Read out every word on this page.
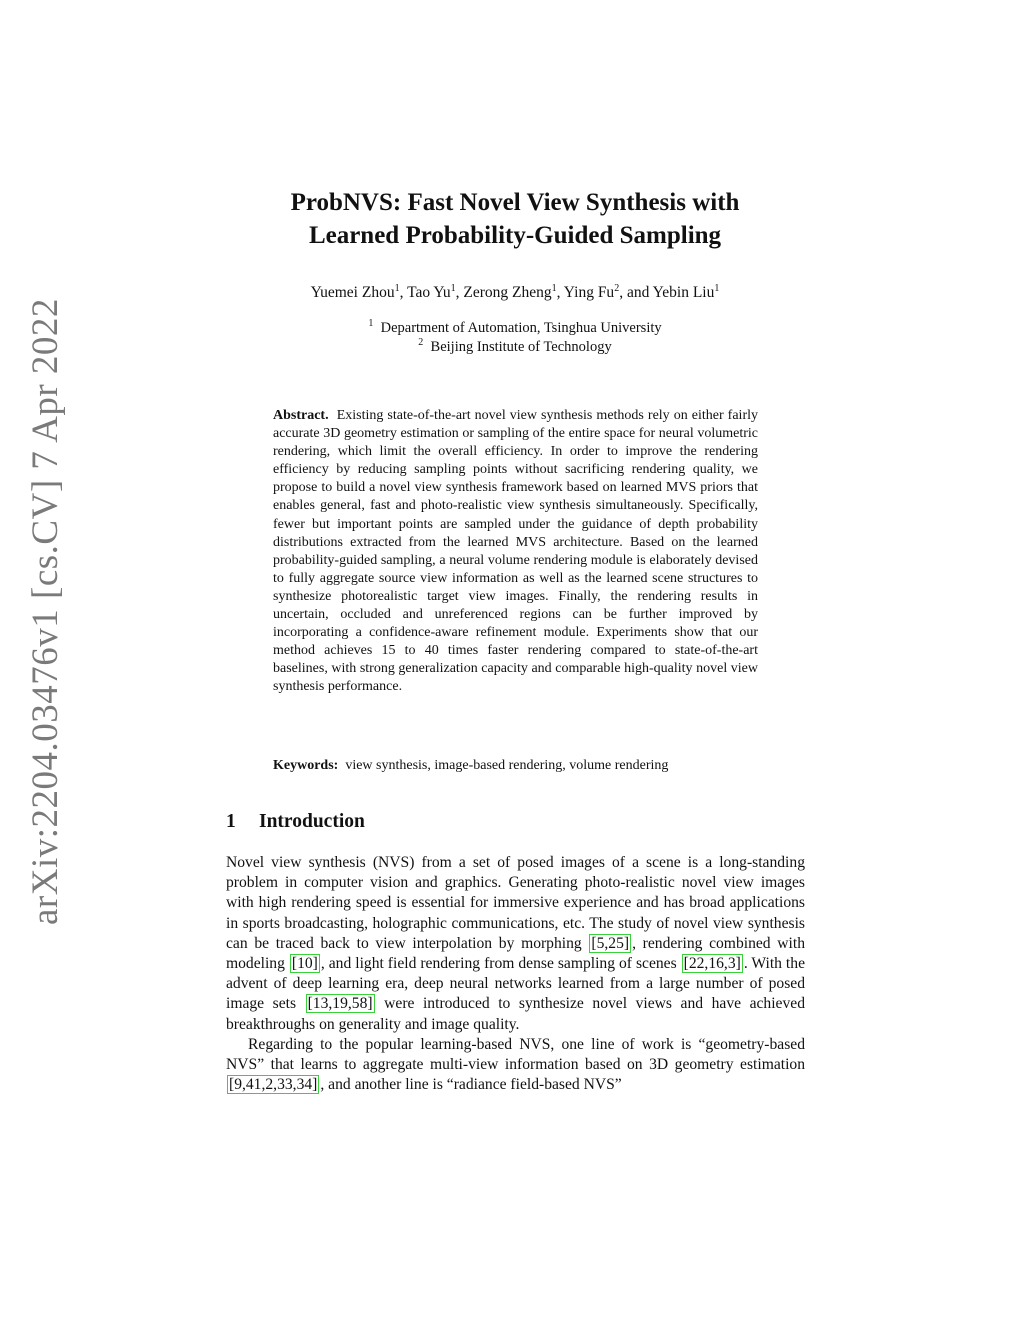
arXiv:2204.03476v1 [cs.CV] 7 Apr 2022
ProbNVS: Fast Novel View Synthesis with
Learned Probability-Guided Sampling
Yuemei Zhou$^1$, Tao Yu$^1$, Zerong Zheng$^1$, Ying Fu$^2$, and Yebin Liu$^1$
$^1$ Department of Automation, Tsinghua University
$^2$ Beijing Institute of Technology
Abstract. Existing state-of-the-art novel view synthesis methods rely on either fairly accurate 3D geometry estimation or sampling of the entire space for neural volumetric rendering, which limit the overall efficiency. In order to improve the rendering efficiency by reducing sampling points without sacrificing rendering quality, we propose to build a novel view synthesis framework based on learned MVS priors that enables general, fast and photo-realistic view synthesis simultaneously. Specifically, fewer but important points are sampled under the guidance of depth probability distributions extracted from the learned MVS architecture. Based on the learned probability-guided sampling, a neural volume rendering module is elaborately devised to fully aggregate source view information as well as the learned scene structures to synthesize photorealistic target view images. Finally, the rendering results in uncertain, occluded and unreferenced regions can be further improved by incorporating a confidence-aware refinement module. Experiments show that our method achieves 15 to 40 times faster rendering compared to state-of-the-art baselines, with strong generalization capacity and comparable high-quality novel view synthesis performance.
Keywords: view synthesis, image-based rendering, volume rendering
1 Introduction

Novel view synthesis (NVS) from a set of posed images of a scene is a long-standing problem in computer vision and graphics. Generating photo-realistic novel view images with high rendering speed is essential for immersive experience and has broad applications in sports broadcasting, holographic communications, etc. The study of novel view synthesis can be traced back to view interpolation by morphing [5,25] , rendering combined with modeling [10] , and light field rendering from dense sampling of scenes [22,16,3] . With the advent of deep learning era, deep neural networks learned from a large number of posed image sets [13,19,58] were introduced to synthesize novel views and have achieved breakthroughs on generality and image quality.

Regarding to the popular learning-based NVS, one line of work is “geometry-based NVS” that learns to aggregate multi-view information based on 3D geometry estimation [9,41,2,33,34] , and another line is “radiance field-based NVS”
